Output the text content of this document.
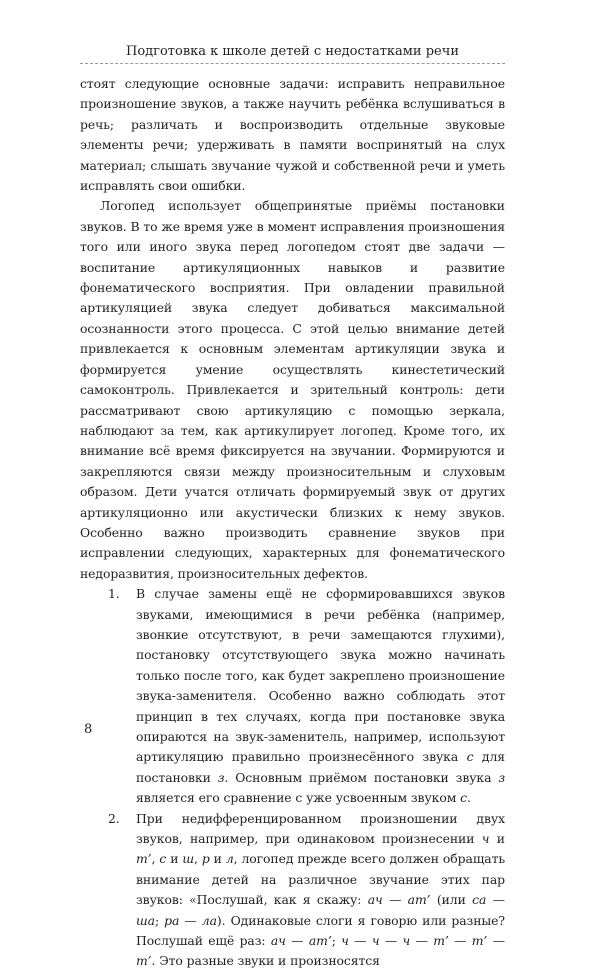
Подготовка к школе детей с недостатками речи

стоят следующие основные задачи: исправить неправильное произношение звуков, а также научить ребёнка вслушиваться в речь; различать и воспроизводить отдельные звуковые элементы речи; удерживать в памяти воспринятый на слух материал; слышать звучание чужой и собственной речи и уметь исправлять свои ошибки.

Логопед использует общепринятые приёмы постановки звуков. В то же время уже в момент исправления произношения того или иного звука перед логопедом стоят две задачи — воспитание артикуляционных навыков и развитие фонематического восприятия. При овладении правильной артикуляцией звука следует добиваться максимальной осознанности этого процесса. С этой целью внимание детей привлекается к основным элементам артикуляции звука и формируется умение осуществлять кинестетический самоконтроль. Привлекается и зрительный контроль: дети рассматривают свою артикуляцию с помощью зеркала, наблюдают за тем, как артикулирует логопед. Кроме того, их внимание всё время фиксируется на звучании. Формируются и закрепляются связи между произносительным и слуховым образом. Дети учатся отличать формируемый звук от других артикуляционно или акустически близких к нему звуков. Особенно важно производить сравнение звуков при исправлении следующих, характерных для фонематического недоразвития, произносительных дефектов.

1.	В случае замены ещё не сформировавшихся звуков звуками, имеющимися в речи ребёнка (например, звонкие отсутствуют, в речи замещаются глухими), постановку отсутствующего звука можно начинать только после того, как будет закреплено произношение звука-заменителя. Особенно важно соблюдать этот принцип в тех случаях, когда при постановке звука опираются на звук-заменитель, например, используют артикуляцию правильно произнесённого звука с для постановки з. Основным приёмом постановки звука з является его сравнение с уже усвоенным звуком с.
2.	При недифференцированном произношении двух звуков, например, при одинаковом произнесении ч и т’, с и ш, р и л, логопед прежде всего должен обращать внимание детей на различное звучание этих пар звуков: «Послушай, как я скажу: ач — ат’ (или са — ша; ра — ла). Одинаковые слоги я говорю или разные? Послушай ещё раз: ач — ат’; ч — ч — ч — т’ — т’ — т’. Это разные звуки и произносятся
8
